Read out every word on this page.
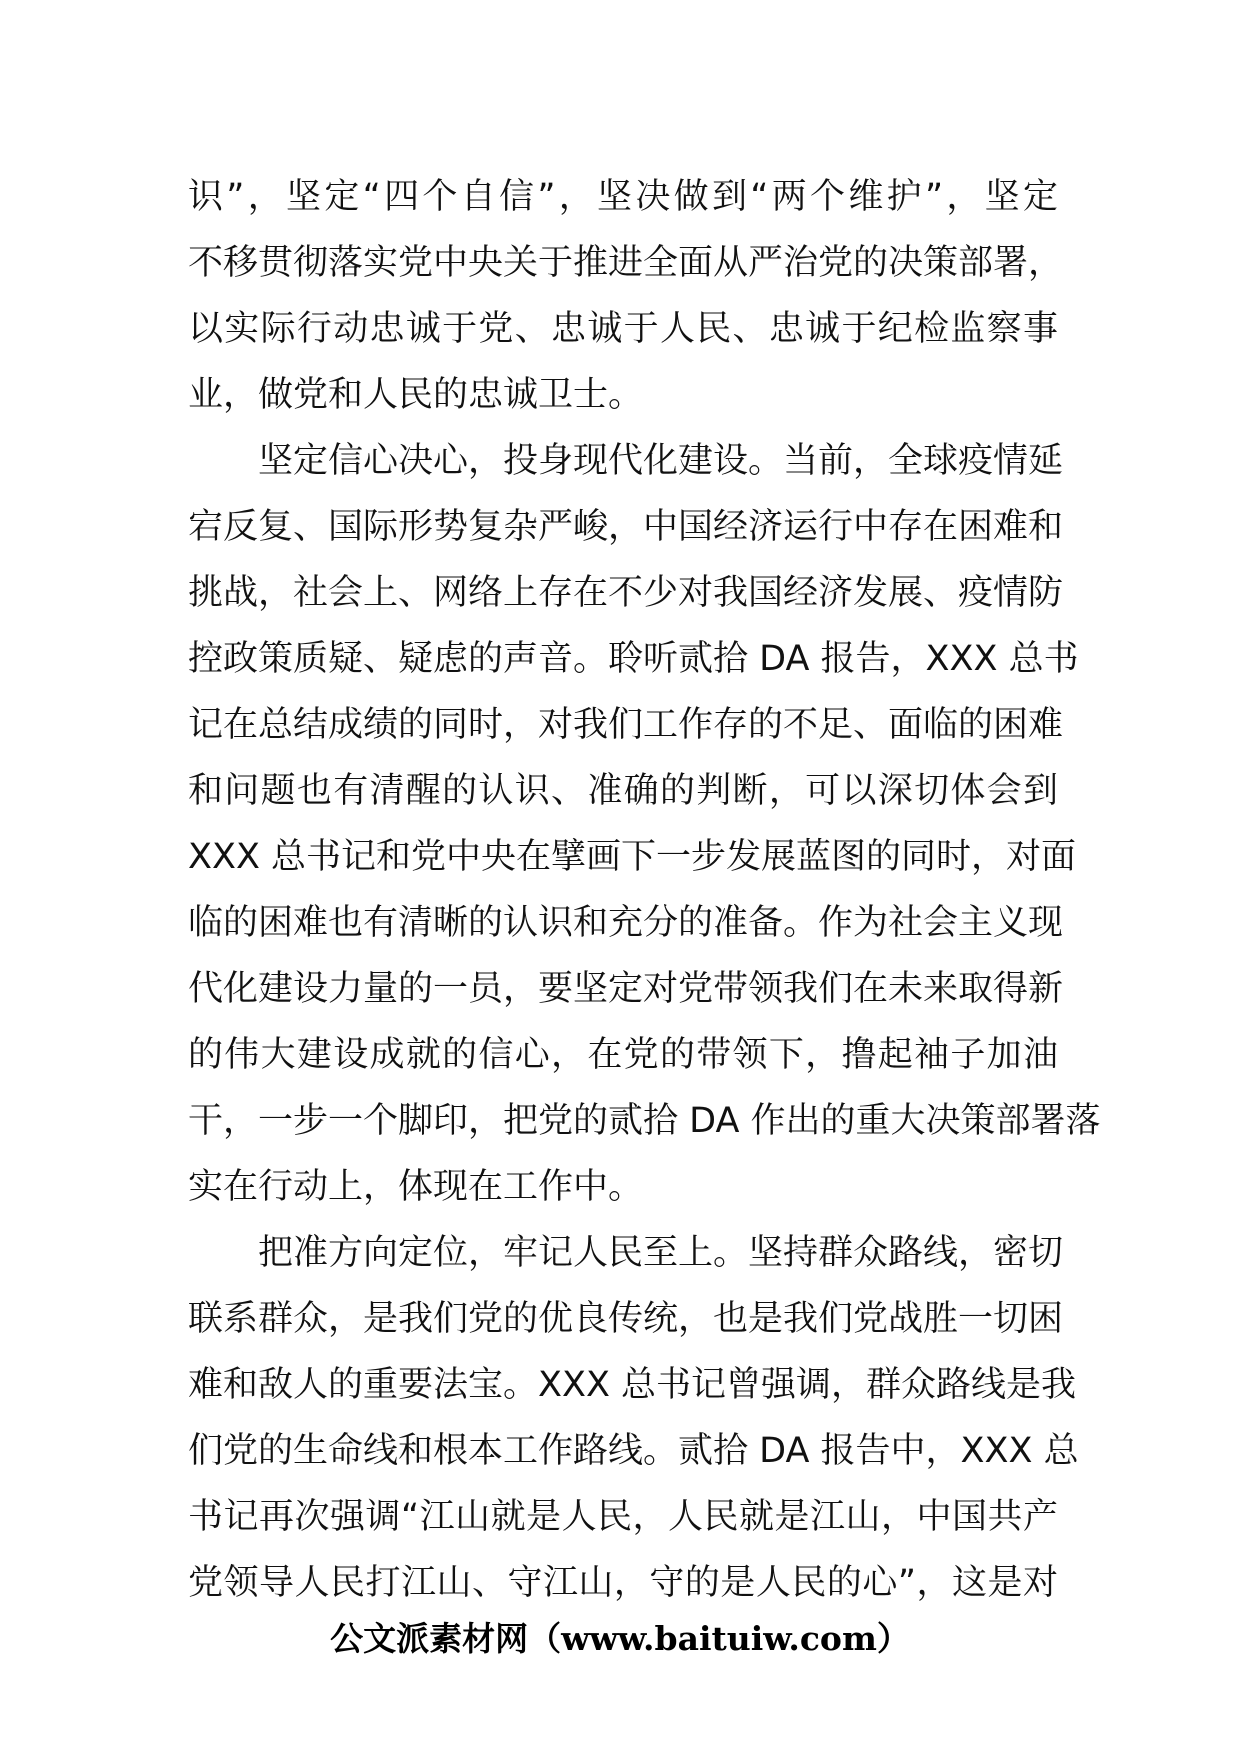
识”，坚定“四个自信”，坚决做到“两个维护”，坚定
不移贯彻落实党中央关于推进全面从严治党的决策部署，
以实际行动忠诚于党、忠诚于人民、忠诚于纪检监察事
业，做党和人民的忠诚卫士。
坚定信心决心，投身现代化建设。当前，全球疫情延
宕反复、国际形势复杂严峻，中国经济运行中存在困难和
挑战，社会上、网络上存在不少对我国经济发展、疫情防
控政策质疑、疑虑的声音。聆听贰拾 DA 报告，XXX 总书
记在总结成绩的同时，对我们工作存的不足、面临的困难
和问题也有清醒的认识、准确的判断，可以深切体会到
XXX 总书记和党中央在擘画下一步发展蓝图的同时，对面
临的困难也有清晰的认识和充分的准备。作为社会主义现
代化建设力量的一员，要坚定对党带领我们在未来取得新
的伟大建设成就的信心，在党的带领下，撸起袖子加油
干，一步一个脚印，把党的贰拾 DA 作出的重大决策部署落
实在行动上，体现在工作中。
把准方向定位，牢记人民至上。坚持群众路线，密切
联系群众，是我们党的优良传统，也是我们党战胜一切困
难和敌人的重要法宝。XXX 总书记曾强调，群众路线是我
们党的生命线和根本工作路线。贰拾 DA 报告中，XXX 总
书记再次强调“江山就是人民，人民就是江山，中国共产
党领导人民打江山、守江山，守的是人民的心”，这是对
公文派素材网（www.baituiw.com）
